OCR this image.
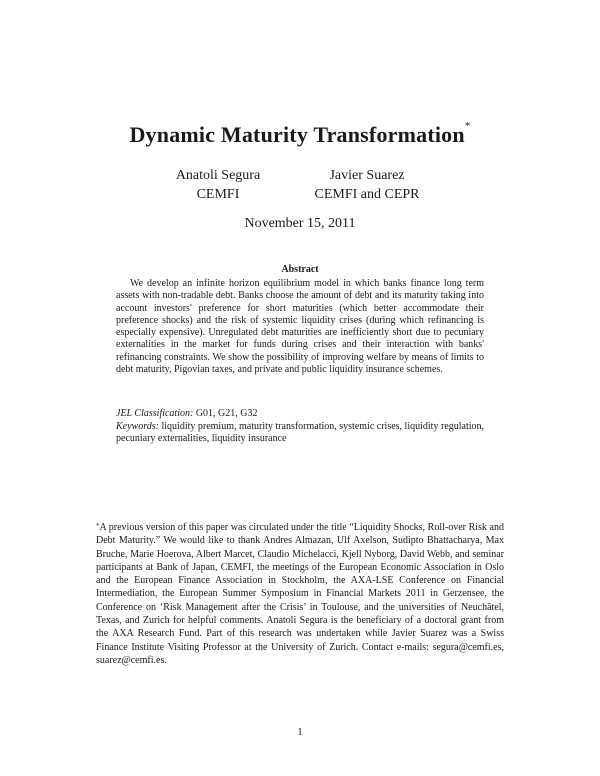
Dynamic Maturity Transformation*
Anatoli Segura
CEMFI
Javier Suarez
CEMFI and CEPR
November 15, 2011
Abstract
We develop an infinite horizon equilibrium model in which banks finance long term assets with non-tradable debt. Banks choose the amount of debt and its maturity taking into account investors' preference for short maturities (which better accommodate their preference shocks) and the risk of systemic liquidity crises (during which refinancing is especially expensive). Unregulated debt maturities are inefficiently short due to pecuniary externalities in the market for funds during crises and their interaction with banks' refinancing constraints. We show the possibility of improving welfare by means of limits to debt maturity, Pigovian taxes, and private and public liquidity insurance schemes.
JEL Classification: G01, G21, G32
Keywords: liquidity premium, maturity transformation, systemic crises, liquidity regulation, pecuniary externalities, liquidity insurance
*A previous version of this paper was circulated under the title “Liquidity Shocks, Roll-over Risk and Debt Maturity.” We would like to thank Andres Almazan, Ulf Axelson, Sudipto Bhattacharya, Max Bruche, Marie Hoerova, Albert Marcet, Claudio Michelacci, Kjell Nyborg, David Webb, and seminar participants at Bank of Japan, CEMFI, the meetings of the European Economic Association in Oslo and the European Finance Association in Stockholm, the AXA-LSE Conference on Financial Intermediation, the European Summer Symposium in Financial Markets 2011 in Gerzensee, the Conference on ‘Risk Management after the Crisis’ in Toulouse, and the universities of Neuchâtel, Texas, and Zurich for helpful comments. Anatoli Segura is the beneficiary of a doctoral grant from the AXA Research Fund. Part of this research was undertaken while Javier Suarez was a Swiss Finance Institute Visiting Professor at the University of Zurich. Contact e-mails: segura@cemfi.es, suarez@cemfi.es.
1
